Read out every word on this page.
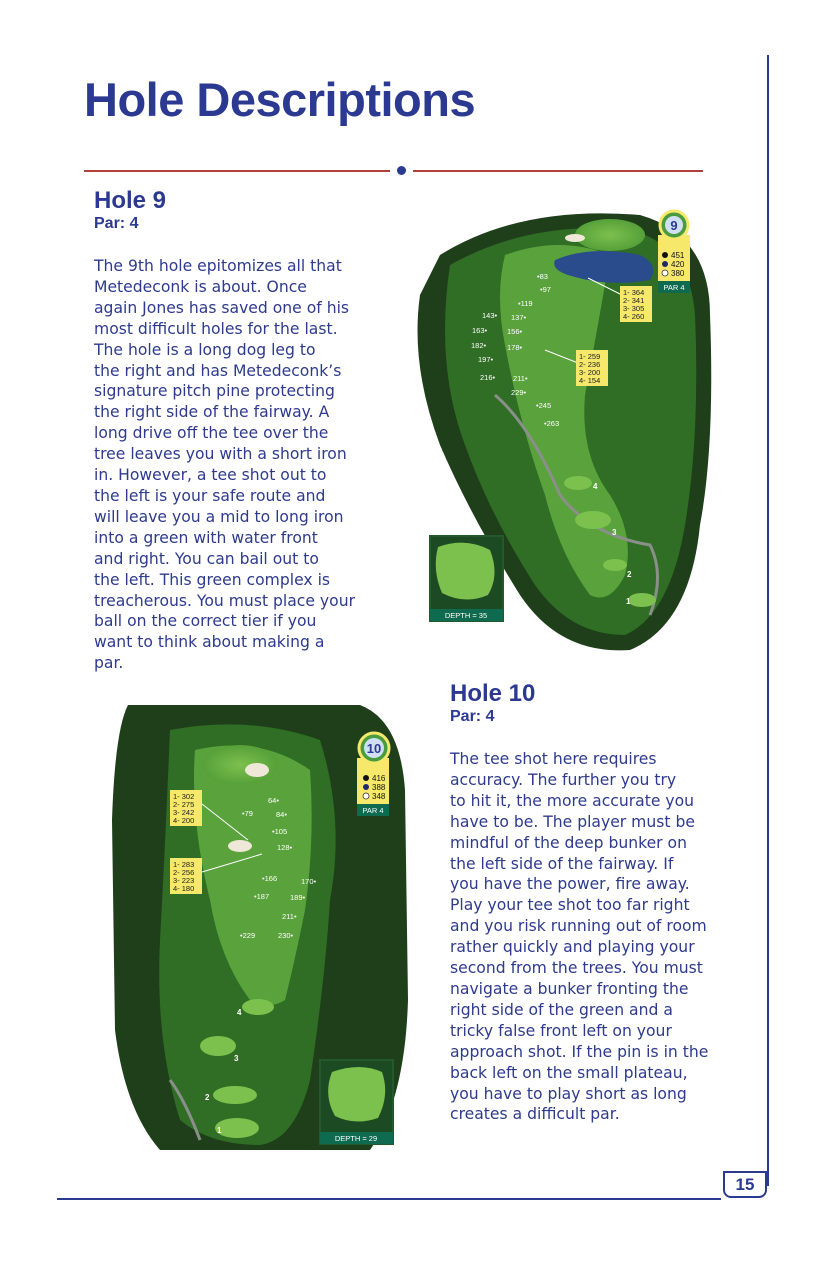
Hole Descriptions
15
Hole 9
Par: 4
The 9th hole epitomizes all that
Metedeconk is about. Once
again Jones has saved one of his
most difficult holes for the last.
The hole is a long dog leg to
the right and has Metedeconk’s
signature pitch pine protecting
the right side of the fairway. A
long drive off the tee over the
tree leaves you with a short iron
in. However, a tee shot out to
the left is your safe route and
will leave you a mid to long iron
into a green with water front
and right. You can bail out to
the left. This green complex is
treacherous. You must place your
ball on the correct tier if you
want to think about making a
par.
4
3
2
1
•83
•97
•119
143• 137•
163•	156•
182•	178•
197•
216• 211•
229•
•245
•263
1- 364
2- 341
3- 305
4- 260
1- 259
2- 236
3- 200
4- 154
9
451
420
380
PAR 4
DEPTH = 35
4
3
2
1
64•
•79	84•
•105
128•
•166	170•
•187	189•
211•
•229	230•
1- 302
2- 275
3- 242
4- 200
1- 283
2- 256
3- 223
4- 180
10
416
388
348
PAR 4
DEPTH = 29
Hole 10
Par: 4
The tee shot here requires
accuracy. The further you try
to hit it, the more accurate you
have to be. The player must be
mindful of the deep bunker on
the left side of the fairway. If
you have the power, fire away.
Play your tee shot too far right
and you risk running out of room
rather quickly and playing your
second from the trees. You must
navigate a bunker fronting the
right side of the green and a
tricky false front left on your
approach shot. If the pin is in the
back left on the small plateau,
you have to play short as long
creates a difficult par.
